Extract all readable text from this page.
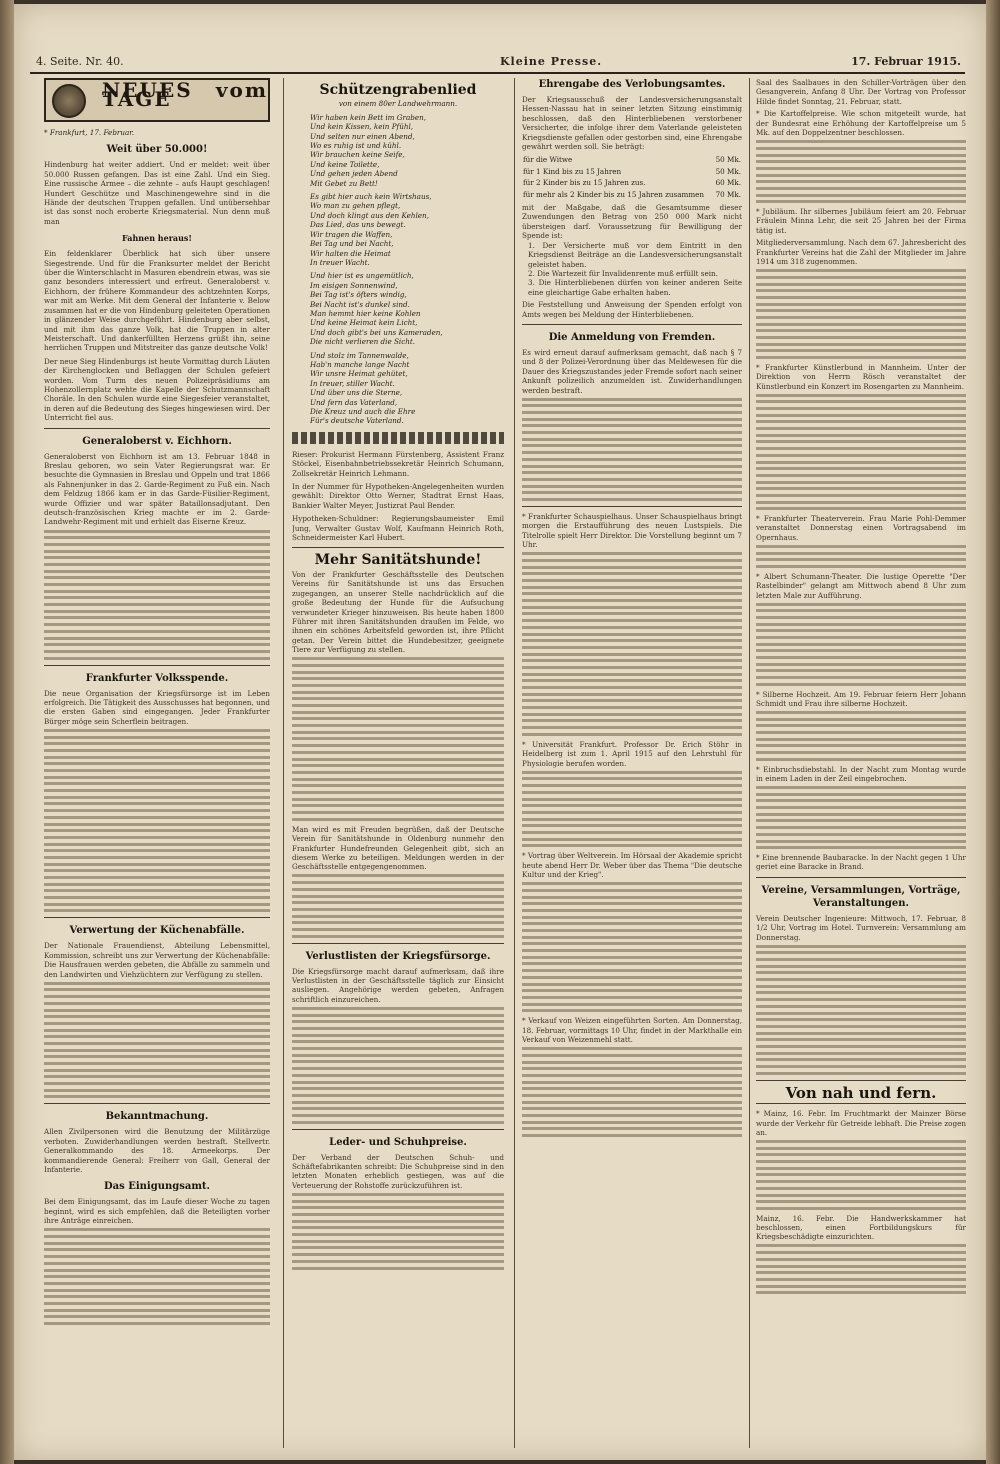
4. Seite. Nr. 40.	Kleine Presse.	17. Februar 1915.
NEUES vom TAGE
* Frankfurt, 17. Februar.
Weit über 50.000!
Hindenburg hat weiter addiert. Und er meldet: weit über 50.000 Russen gefangen. Das ist eine Zahl. Und ein Sieg. Eine russische Armee – die zehnte – aufs Haupt geschlagen! Hundert Geschütze und Maschinengewehre sind in die Hände der deutschen Truppen gefallen. Und unübersehbar ist das sonst noch eroberte Kriegsmaterial. Nun denn muß man
Fahnen heraus!
Ein feldenklarer Überblick hat sich über unsere Siegestrende. Und für die Franksurter meldet der Bericht über die Winterschlacht in Masuren ebendrein etwas, was sie ganz besonders interessiert und erfreut. Generaloberst v. Eichhorn, der frühere Kommandeur des achtzehnten Korps, war mit am Werke. Mit dem General der Infanterie v. Below zusammen hat er die von Hindenburg geleiteten Operationen in glänzender Weise durchgeführt. Hindenburg aber selbst, und mit ihm das ganze Volk, hat die Truppen in alter Meisterschaft. Und dankerfüllten Herzens grüßt ihn, seine herrlichen Truppen und Mitstreiter das ganze deutsche Volk!
Der neue Sieg Hindenburgs ist heute Vormittag durch Läuten der Kirchenglocken und Beflaggen der Schulen gefeiert worden. Vom Turm des neuen Polizeipräsidiums am Hohenzollernplatz wehte die Kapelle der Schutzmannschaft Choräle. In den Schulen wurde eine Siegesfeier veranstaltet, in deren auf die Bedeutung des Sieges hingewiesen wird. Der Unterricht fiel aus.
Generaloberst v. Eichhorn.
Generaloberst von Eichhorn ist am 13. Februar 1848 in Breslau geboren, wo sein Vater Regierungsrat war. Er besuchte die Gymnasien in Breslau und Oppeln und trat 1866 als Fahnenjunker in das 2. Garde-Regiment zu Fuß ein. Nach dem Feldzug 1866 kam er in das Garde-Füsilier-Regiment, wurde Offizier und war später Bataillonsadjutant. Den deutsch-französischen Krieg machte er im 2. Garde-Landwehr-Regiment mit und erhielt das Eiserne Kreuz.
Frankfurter Volksspende.
Die neue Organisation der Kriegsfürsorge ist im Leben erfolgreich. Die Tätigkeit des Ausschusses hat begonnen, und die ersten Gaben sind eingegangen. Jeder Frankfurter Bürger möge sein Scherflein beitragen.
Verwertung der Küchenabfälle.
Der Nationale Frauendienst, Abteilung Lebensmittel, Kommission, schreibt uns zur Verwertung der Küchenabfälle: Die Hausfrauen werden gebeten, die Abfälle zu sammeln und den Landwirten und Viehzüchtern zur Verfügung zu stellen.
Bekanntmachung.
Allen Zivilpersonen wird die Benutzung der Militärzüge verboten. Zuwiderhandlungen werden bestraft. Stellvertr. Generalkommando des 18. Armeekorps. Der kommandierende General: Freiherr von Gall, General der Infanterie.
Das Einigungsamt.
Bei dem Einigungsamt, das im Laufe dieser Woche zu tagen beginnt, wird es sich empfehlen, daß die Beteiligten vorher ihre Anträge einreichen.
Schützengrabenlied
von einem 80er Landwehrmann.
Wir haben kein Bett im Graben,
Und kein Kissen, kein Pfühl,
Und selten nur einen Abend,
Wo es ruhig ist und kühl.
Wir brauchen keine Seife,
Und keine Toilette,
Und gehen jeden Abend
Mit Gebet zu Bett!
Es gibt hier auch kein Wirtshaus,
Wo man zu gehen pflegt,
Und doch klingt aus den Kehlen,
Das Lied, das uns bewegt.
Wir tragen die Waffen,
Bei Tag und bei Nacht,
Wir halten die Heimat
In treuer Wacht.
Und hier ist es ungemütlich,
Im eisigen Sonnenwind,
Bei Tag ist's öfters windig,
Bei Nacht ist's dunkel sind.
Man hemmt hier keine Kohlen
Und keine Heimat kein Licht,
Und doch gibt's bei uns Kameraden,
Die nicht verlieren die Sicht.
Und stolz im Tannenwalde,
Hab'n manche lange Nacht
Wir unsre Heimat gehütet,
In treuer, stiller Wacht.
Und über uns die Sterne,
Und fern das Vaterland,
Die Kreuz und auch die Ehre
Für's deutsche Vaterland.
Rieser: Prokurist Hermann Fürstenberg, Assistent Franz Stöckel, Eisenbahnbetriebssekretär Heinrich Schumann, Zollsekretär Heinrich Lehmann.
In der Nummer für Hypotheken-Angelegenheiten wurden gewählt: Direktor Otto Werner, Stadtrat Ernst Haas, Bankier Walter Meyer, Justizrat Paul Bender.
Hypotheken-Schuldner: Regierungsbaumeister Emil Jung, Verwalter Gustav Wolf, Kaufmann Heinrich Roth, Schneidermeister Karl Hubert.
Mehr Sanitätshunde!
Von der Frankfurter Geschäftsstelle des Deutschen Vereins für Sanitätshunde ist uns das Ersuchen zugegangen, an unserer Stelle nachdrücklich auf die große Bedeutung der Hunde für die Aufsuchung verwundeter Krieger hinzuweisen. Bis heute haben 1800 Führer mit ihren Sanitätshunden draußen im Felde, wo ihnen ein schönes Arbeitsfeld geworden ist, ihre Pflicht getan. Der Verein bittet die Hundebesitzer, geeignete Tiere zur Verfügung zu stellen.
Man wird es mit Freuden begrüßen, daß der Deutsche Verein für Sanitätshunde in Oldenburg nunmehr den Frankfurter Hundefreunden Gelegenheit gibt, sich an diesem Werke zu beteiligen. Meldungen werden in der Geschäftsstelle entgegengenommen.
Verlustlisten der Kriegsfürsorge.
Die Kriegsfürsorge macht darauf aufmerksam, daß ihre Verlustlisten in der Geschäftsstelle täglich zur Einsicht ausliegen. Angehörige werden gebeten, Anfragen schriftlich einzureichen.
Leder- und Schuhpreise.
Der Verband der Deutschen Schuh- und Schäftefabrikanten schreibt: Die Schuhpreise sind in den letzten Monaten erheblich gestiegen, was auf die Verteuerung der Rohstoffe zurückzuführen ist.
Ehrengabe des Verlobungsamtes.
Der Kriegsausschuß der Landesversicherungsanstalt Hessen-Nassau hat in seiner letzten Sitzung einstimmig beschlossen, daß den Hinterbliebenen verstorbener Versicherter, die infolge ihrer dem Vaterlande geleisteten Kriegsdienste gefallen oder gestorben sind, eine Ehrengabe gewährt werden soll. Sie beträgt:
für die Witwe	50 Mk.
für 1 Kind bis zu 15 Jahren	50 Mk.
für 2 Kinder bis zu 15 Jahren zus.	60 Mk.
für mehr als 2 Kinder bis zu 15 Jahren zusammen	70 Mk.
mit der Maßgabe, daß die Gesamtsumme dieser Zuwendungen den Betrag von 250 000 Mark nicht übersteigen darf. Voraussetzung für Bewilligung der Spende ist:
1. Der Versicherte muß vor dem Eintritt in den Kriegsdienst Beiträge an die Landesversicherungsanstalt geleistet haben.
2. Die Wartezeit für Invalidenrente muß erfüllt sein.
3. Die Hinterbliebenen dürfen von keiner anderen Seite eine gleichartige Gabe erhalten haben.
Die Feststellung und Anweisung der Spenden erfolgt von Amts wegen bei Meldung der Hinterbliebenen.
Die Anmeldung von Fremden.
Es wird erneut darauf aufmerksam gemacht, daß nach § 7 und 8 der Polizei-Verordnung über das Meldewesen für die Dauer des Kriegszustandes jeder Fremde sofort nach seiner Ankunft polizeilich anzumelden ist. Zuwiderhandlungen werden bestraft.
* Frankfurter Schauspielhaus. Unser Schauspielhaus bringt morgen die Erstaufführung des neuen Lustspiels. Die Titelrolle spielt Herr Direktor. Die Vorstellung beginnt um 7 Uhr.
* Universität Frankfurt. Professor Dr. Erich Stöhr in Heidelberg ist zum 1. April 1915 auf den Lehrstuhl für Physiologie berufen worden.
* Vortrag über Weltverein. Im Hörsaal der Akademie spricht heute abend Herr Dr. Weber über das Thema "Die deutsche Kultur und der Krieg".
* Verkauf von Weizen eingeführten Sorten. Am Donnerstag, 18. Februar, vormittags 10 Uhr, findet in der Markthalle ein Verkauf von Weizenmehl statt.
Saal des Saalbaues in den Schiller-Vorträgen über den Gesangverein, Anfang 8 Uhr. Der Vortrag von Professor Hilde findet Sonntag, 21. Februar, statt.
* Die Kartoffelpreise. Wie schon mitgeteilt wurde, hat der Bundesrat eine Erhöhung der Kartoffelpreise um 5 Mk. auf den Doppelzentner beschlossen.
* Jubiläum. Ihr silbernes Jubiläum feiert am 20. Februar Fräulein Minna Lehr, die seit 25 Jahren bei der Firma tätig ist.
Mitgliederversammlung. Nach dem 67. Jahresbericht des Frankfurter Vereins hat die Zahl der Mitglieder im Jahre 1914 um 318 zugenommen.
* Frankfurter Künstlerbund in Mannheim. Unter der Direktion von Herrn Rösch veranstaltet der Künstlerbund ein Konzert im Rosengarten zu Mannheim.
* Frankfurter Theaterverein. Frau Marie Pohl-Demmer veranstaltet Donnerstag einen Vortragsabend im Opernhaus.
* Albert Schumann-Theater. Die lustige Operette "Der Rastelbinder" gelangt am Mittwoch abend 8 Uhr zum letzten Male zur Aufführung.
* Silberne Hochzeit. Am 19. Februar feiern Herr Johann Schmidt und Frau ihre silberne Hochzeit.
* Einbruchsdiebstahl. In der Nacht zum Montag wurde in einem Laden in der Zeil eingebrochen.
* Eine brennende Baubaracke. In der Nacht gegen 1 Uhr geriet eine Baracke in Brand.
Vereine, Versammlungen, Vorträge, Veranstaltungen.
Verein Deutscher Ingenieure: Mittwoch, 17. Februar, 8 1/2 Uhr, Vortrag im Hotel. Turnverein: Versammlung am Donnerstag.
Von nah und fern.
* Mainz, 16. Febr. Im Fruchtmarkt der Mainzer Börse wurde der Verkehr für Getreide lebhaft. Die Preise zogen an.
Mainz, 16. Febr. Die Handwerkskammer hat beschlossen, einen Fortbildungskurs für Kriegsbeschädigte einzurichten.
